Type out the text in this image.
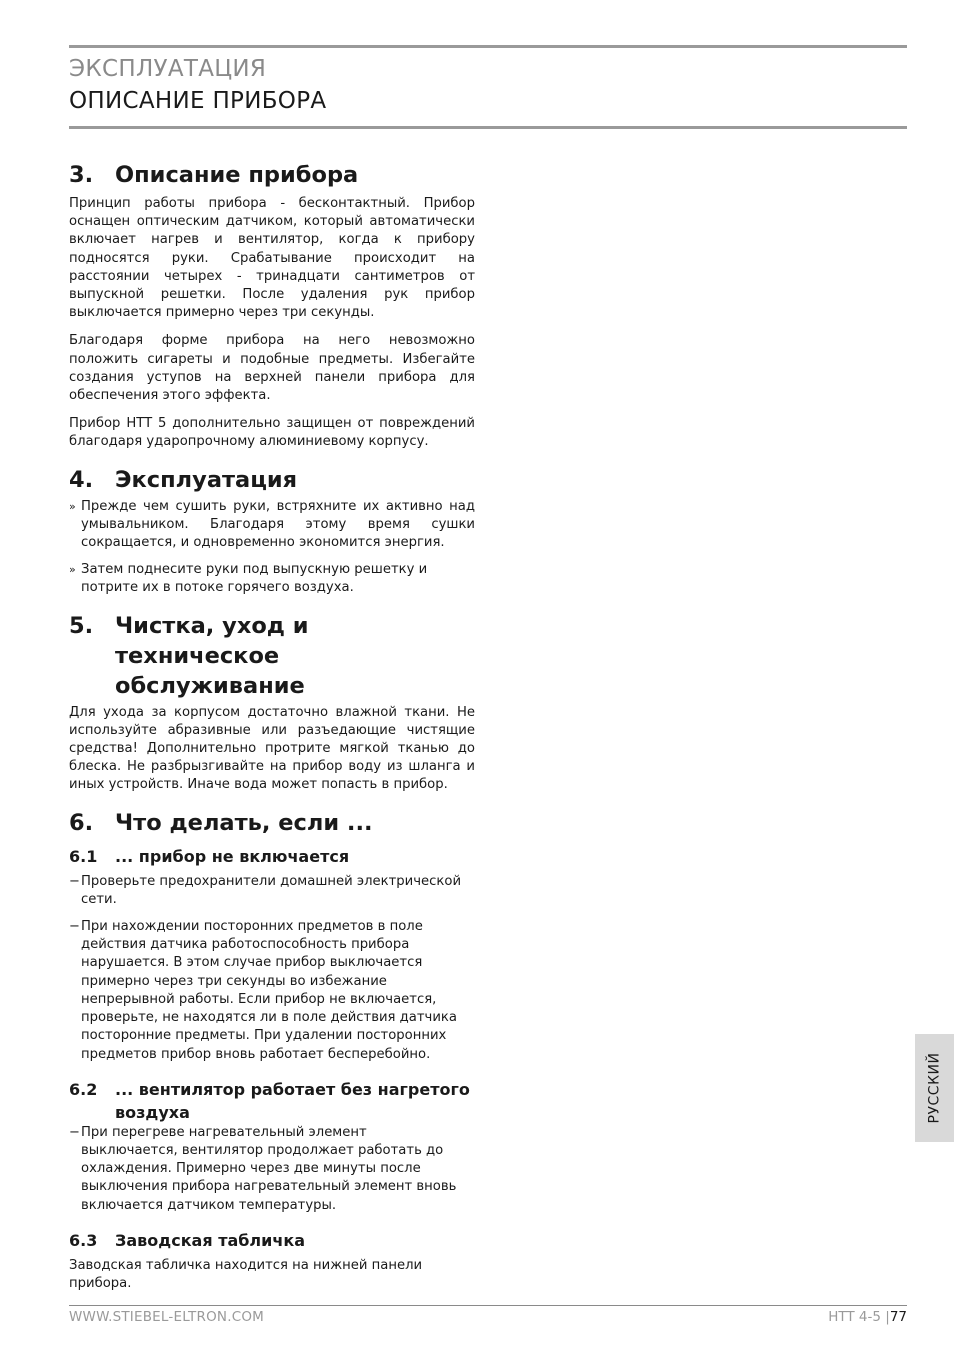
ЭКСПЛУАТАЦИЯ
ОПИСАНИЕ ПРИБОРА
3. Описание прибора

Принцип работы прибора - бесконтактный. Прибор оснащен оптическим датчиком, который автоматически включает нагрев и вентилятор, когда к прибору подносятся руки. Срабатывание происходит на расстоянии четырех - тринадцати сантиметров от выпускной решетки. После удаления рук прибор выключается примерно через три секунды.

Благодаря форме прибора на него невозможно положить сигареты и подобные предметы. Избегайте создания уступов на верхней панели прибора для обеспечения этого эффекта.

Прибор HTT 5 дополнительно защищен от повреждений благодаря ударопрочному алюминиевому корпусу.

4. Эксплуатация
» Прежде чем сушить руки, встряхните их активно над умывальником. Благодаря этому время сушки сокращается, и одновременно экономится энергия.
» Затем поднесите руки под выпускную решетку и потрите их в потоке горячего воздуха.
5. Чистка, уход и техническое обслуживание

Для ухода за корпусом достаточно влажной ткани. Не используйте абразивные или разъедающие чистящие средства! Дополнительно протрите мягкой тканью до блеска. Не разбрызгивайте на прибор воду из шланга и иных устройств. Иначе вода может попасть в прибор.

6. Что делать, если ...
6.1	... прибор не включается
− Проверьте предохранители домашней электрической сети.
− При нахождении посторонних предметов в поле действия датчика работоспособность прибора нарушается. В этом случае прибор выключается примерно через три секунды во избежание непрерывной работы. Если прибор не включается, проверьте, не находятся ли в поле действия датчика посторонние предметы. При удалении посторонних предметов прибор вновь работает бесперебойно.
6.2	... вентилятор работает без нагретого воздуха
− При перегреве нагревательный элемент выключается, вентилятор продолжает работать до охлаждения. Примерно через две минуты после выключения прибора нагревательный элемент вновь включается датчиком температуры.
6.3	Заводская табличка

Заводская табличка находится на нижней панели прибора.

РУССКИЙ
WWW.STIEBEL-ELTRON.COM	HTT 4-5 |77
